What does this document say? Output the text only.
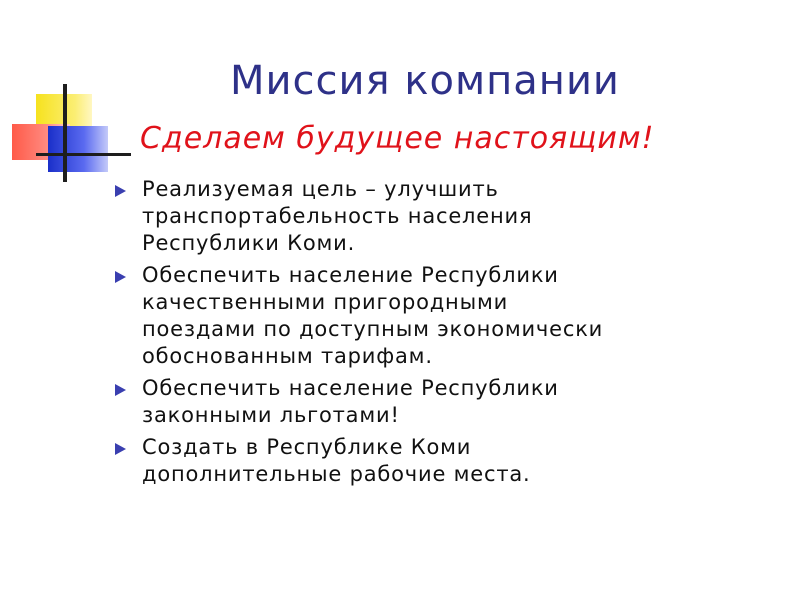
Миссия компании
Сделаем будущее настоящим!
Реализуемая цель – улучшить
транспортабельность населения
Республики Коми.
Обеспечить население Республики
качественными пригородными
поездами по доступным экономически
обоснованным тарифам.
Обеспечить население Республики
законными льготами!
Создать в Республике Коми
дополнительные рабочие места.
